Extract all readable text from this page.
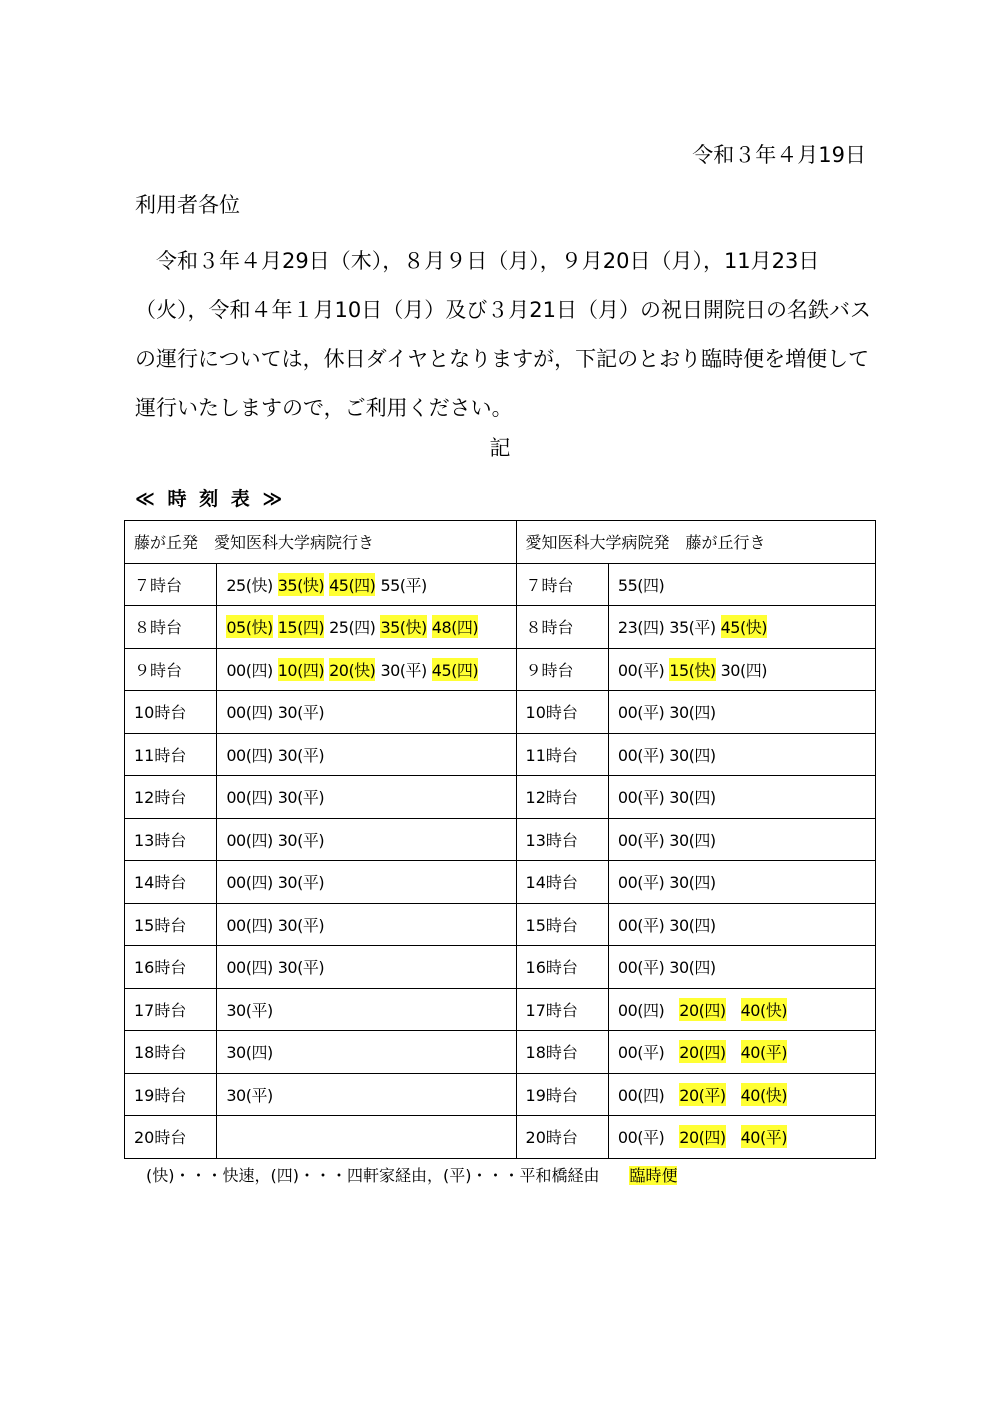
令和３年４月19日
利用者各位
令和３年４月29日（木），８月９日（月），９月20日（月），11月23日（火），令和４年１月10日（月）及び３月21日（月）の祝日開院日の名鉄バスの運行については，休日ダイヤとなりますが，下記のとおり臨時便を増便して運行いたしますので，ご利用ください。
記
≪ 時 刻 表 ≫
藤が丘発　愛知医科大学病院行き		愛知医科大学病院発　藤が丘行き	
７時台	25(快) 35(快) 45(四) 55(平)	７時台	55(四)
８時台	05(快) 15(四) 25(四) 35(快) 48(四)	８時台	23(四) 35(平) 45(快)
９時台	00(四) 10(四) 20(快) 30(平) 45(四)	９時台	00(平) 15(快) 30(四)
10時台	00(四) 30(平)	10時台	00(平) 30(四)
11時台	00(四) 30(平)	11時台	00(平) 30(四)
12時台	00(四) 30(平)	12時台	00(平) 30(四)
13時台	00(四) 30(平)	13時台	00(平) 30(四)
14時台	00(四) 30(平)	14時台	00(平) 30(四)
15時台	00(四) 30(平)	15時台	00(平) 30(四)
16時台	00(四) 30(平)	16時台	00(平) 30(四)
17時台	30(平)	17時台	00(四) 20(四) 40(快)
18時台	30(四)	18時台	00(平) 20(四) 40(平)
19時台	30(平)	19時台	00(四) 20(平) 40(快)
20時台		20時台	00(平) 20(四) 40(平)
(快)・・・快速，(四)・・・四軒家経由，(平)・・・平和橋経由 臨時便
